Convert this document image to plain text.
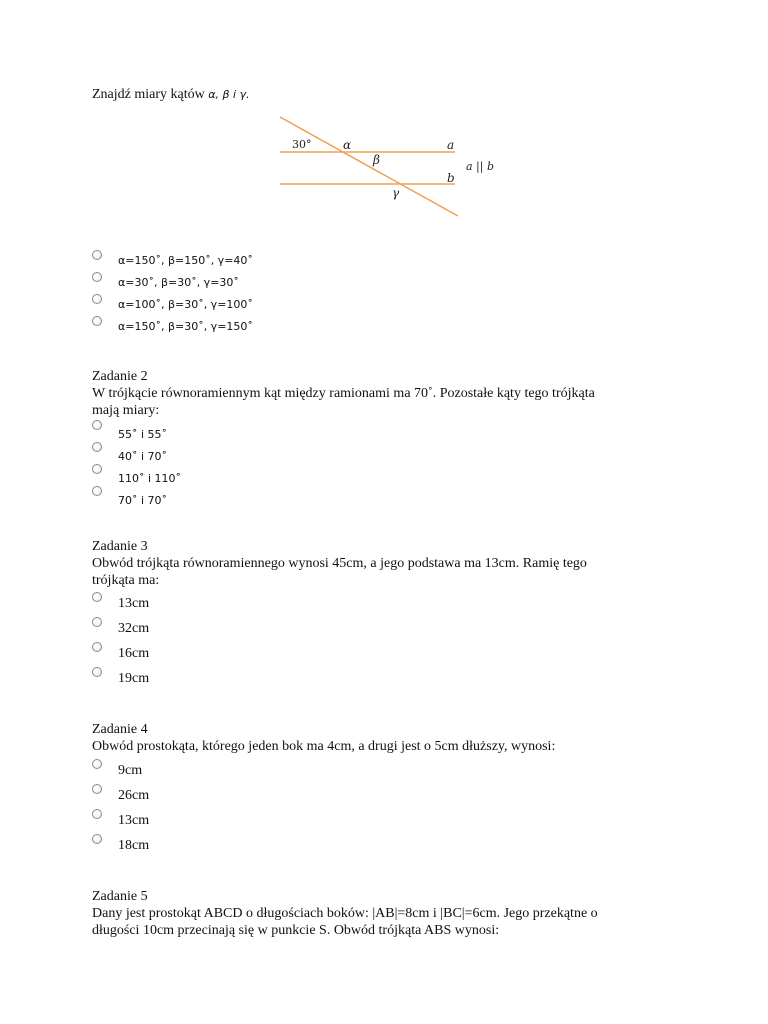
Znajdź miary kątów α, β i γ.
30°	α
β
γ
a
b
a || b
α=150˚, β=150˚, γ=40˚
α=30˚, β=30˚, γ=30˚
α=100˚, β=30˚, γ=100˚
α=150˚, β=30˚, γ=150˚
Zadanie 2
W trójkącie równoramiennym kąt między ramionami ma 70˚. Pozostałe kąty tego trójkąta
mają miary:
55˚ i 55˚
40˚ i 70˚
110˚ i 110˚
70˚ i 70˚
Zadanie 3
Obwód trójkąta równoramiennego wynosi 45cm, a jego podstawa ma 13cm. Ramię tego
trójkąta ma:
13cm
32cm
16cm
19cm
Zadanie 4
Obwód prostokąta, którego jeden bok ma 4cm, a drugi jest o 5cm dłuższy, wynosi:
9cm
26cm
13cm
18cm
Zadanie 5
Dany jest prostokąt ABCD o długościach boków: |AB|=8cm i |BC|=6cm. Jego przekątne o
długości 10cm przecinają się w punkcie S. Obwód trójkąta ABS wynosi:
